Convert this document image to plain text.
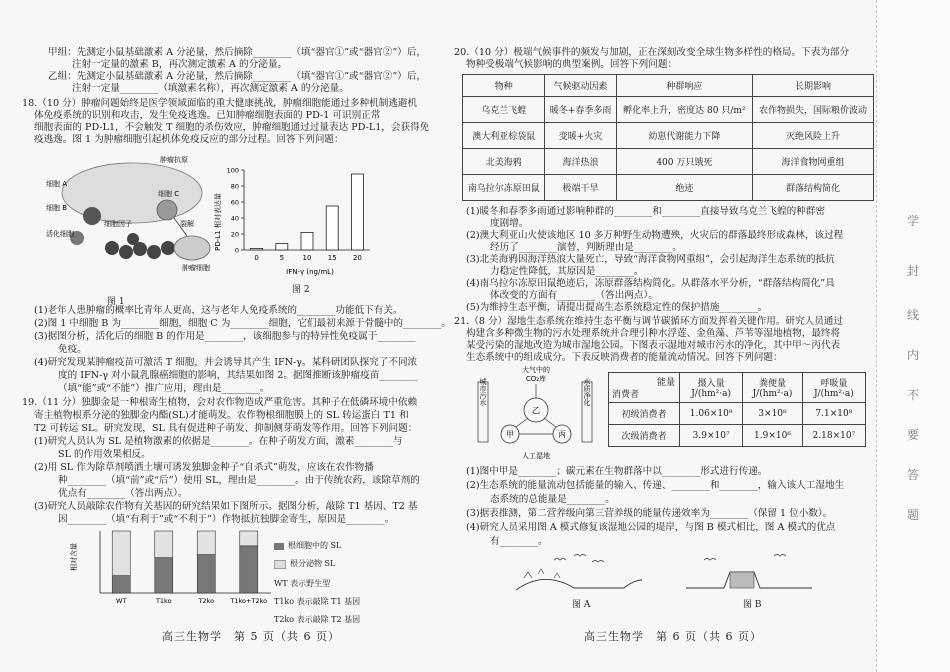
甲组：先测定小鼠基础激素 A 分泌量，然后摘除________（填“器官①”或“器官②”）后，
注射一定量的激素 B，再次测定激素 A 的分泌量。
乙组：先测定小鼠基础激素 A 分泌量，然后摘除________（填“器官①”或“器官②”）后，
注射一定量________（填激素名称），再次测定激素 A 的分泌量。
18.（10 分）肿瘤问题始终是医学领域面临的重大健康挑战，肿瘤细胞能通过多种机制逃避机
体免疫系统的识别和攻击，发生免疫逃逸。已知肿瘤细胞表面的 PD-1 可识别正常
细胞表面的 PD-L1，不会触发 T 细胞的杀伤效应，肿瘤细胞通过过量表达 PD-L1，会获得免
疫逃逸。图 1 为肿瘤细胞引起机体免疫反应的部分过程。回答下列问题：
肿瘤抗原
细胞 A
细胞 B
细胞因子
细胞 C
裂解
活化细胞
肿瘤细胞
图 1
PD-L1 相对表达量 0
20
40
60
80
100
0	5	10 15 20
IFN-γ (ng/mL)
图 2
(1)老年人患肿瘤的概率比青年人更高，这与老年人免疫系统的________功能低下有关。
(2)图 1 中细胞 B 为________细胞，细胞 C 为________细胞，它们最初来源于骨髓中的________。
(3)据图分析，活化后的细胞 B 的作用是________，该细胞参与的特异性免疫属于________
免疫。
(4)研究发现某肿瘤疫苗可激活 T 细胞，并会诱导其产生 IFN-γ。某科研团队探究了不同浓
度的 IFN-γ 对小鼠乳腺癌细胞的影响，其结果如图 2。据图推断该肿瘤疫苗________
（填“能”或“不能”）推广应用，理由是________。
19.（11 分）独脚金是一种根寄生植物，会对农作物造成严重危害。其种子在低磷环境中依赖
寄主植物根系分泌的独脚金内酯(SL)才能萌发。农作物根细胞膜上的 SL 转运蛋白 T1 和
T2 可转运 SL。研究发现，SL 具有促进种子萌发、抑制侧芽萌发等作用。回答下列问题：
(1)研究人员认为 SL 是植物激素的依据是________。在种子萌发方面，激素________与
SL 的作用效果相反。
(2)用 SL 作为除草剂喷洒土壤可诱发独脚金种子“自杀式”萌发，应该在农作物播
种________（填“前”或“后”）使用 SL，理由是________。由于传统农药，该除草剂的
优点有________（答出两点）。
(3)研究人员敲除农作物有关基因的研究结果如下图所示。据图分析，敲除 T1 基因、T2 基
因________（填“有利于”或“不利于”）作物抵抗独脚金寄生，原因是________。
相对含量
WT	T1ko	T2ko	T1ko+T2ko
根细胞中的 SL
根分泌物 SL
WT 表示野生型
T1ko 表示敲除 T1 基因
T2ko 表示敲除 T2 基因
高三生物学　第 5 页（共 6 页）
20.（10 分）极端气候事件的频发与加剧，正在深刻改变全球生物多样性的格局。下表为部分
物种受极端气候影响的典型案例。回答下列问题：
物种	气候驱动因素	种群响应	长期影响
乌克兰飞蝗	暖冬+春季多雨	孵化率上升，密度达 80 只/m²	农作物损失，国际粮价波动
澳大利亚棕袋鼠	变暖+火灾	幼崽代谢能力下降	灭绝风险上升
北美海鸦	海洋热浪	400 万只饿死	海洋食物网重组
南乌拉尔冻原田鼠	极端干旱	绝迹	群落结构简化
(1)暖冬和春季多雨通过影响种群的________和________直接导致乌克兰飞蝗的种群密
度剧增。
(2)澳大利亚山火使该地区 10 多万种野生动物遭殃，火灾后的群落最终形成森林，该过程
经历了________演替，判断理由是________。
(3)北美海鸦因海洋热浪大量死亡，导致“海洋食物网重组”，会引起海洋生态系统的抵抗
力稳定性降低，其原因是________。
(4)南乌拉尔冻原田鼠绝迹后，冻原群落结构简化。从群落水平分析，“群落结构简化”具
体改变的方面有________（答出两点）。
(5)为维持生态平衡，请提出提高生态系统稳定性的保护措施________。
21.（8 分）湿地生态系统在维持生态平衡与调节碳循环方面发挥着关键作用。研究人员通过
构建含多种微生物的污水处理系统并合理引种水浮莲、金鱼藻、芦苇等湿地植物，最终将
某受污染的湿地改造为城市湿地公园。下图表示湿地对城市污水的净化，其中甲～丙代表
生态系统中的组成成分。下表反映消费者的能量流动情况。回答下列问题：
城市污水	水质净化
大气中的
CO₂库
乙
甲	丙
人工湿地
能量
消费者	摄入量
J/(hm²·a)	粪便量
J/(hm²·a)	呼吸量
J/(hm²·a)
初级消费者	1.06×10⁹	3×10⁸	7.1×10⁸
次级消费者	3.9×10⁷	1.9×10⁶	2.18×10⁷
(1)图中甲是________；碳元素在生物群落中以________形式进行传递。
(2)生态系统的能量流动包括能量的输入、传递、________和________，输入该人工湿地生
态系统的总能量是________。
(3)据表推测，第二营养级向第三营养级的能量传递效率为________（保留 1 位小数）。
(4)研究人员采用图 A 模式修复该湿地公园的堤岸，与图 B 模式相比，图 A 模式的优点
有________。
图 A	图 B
高三生物学　第 6 页（共 6 页）
学
封
线
内
不
要
答
题
